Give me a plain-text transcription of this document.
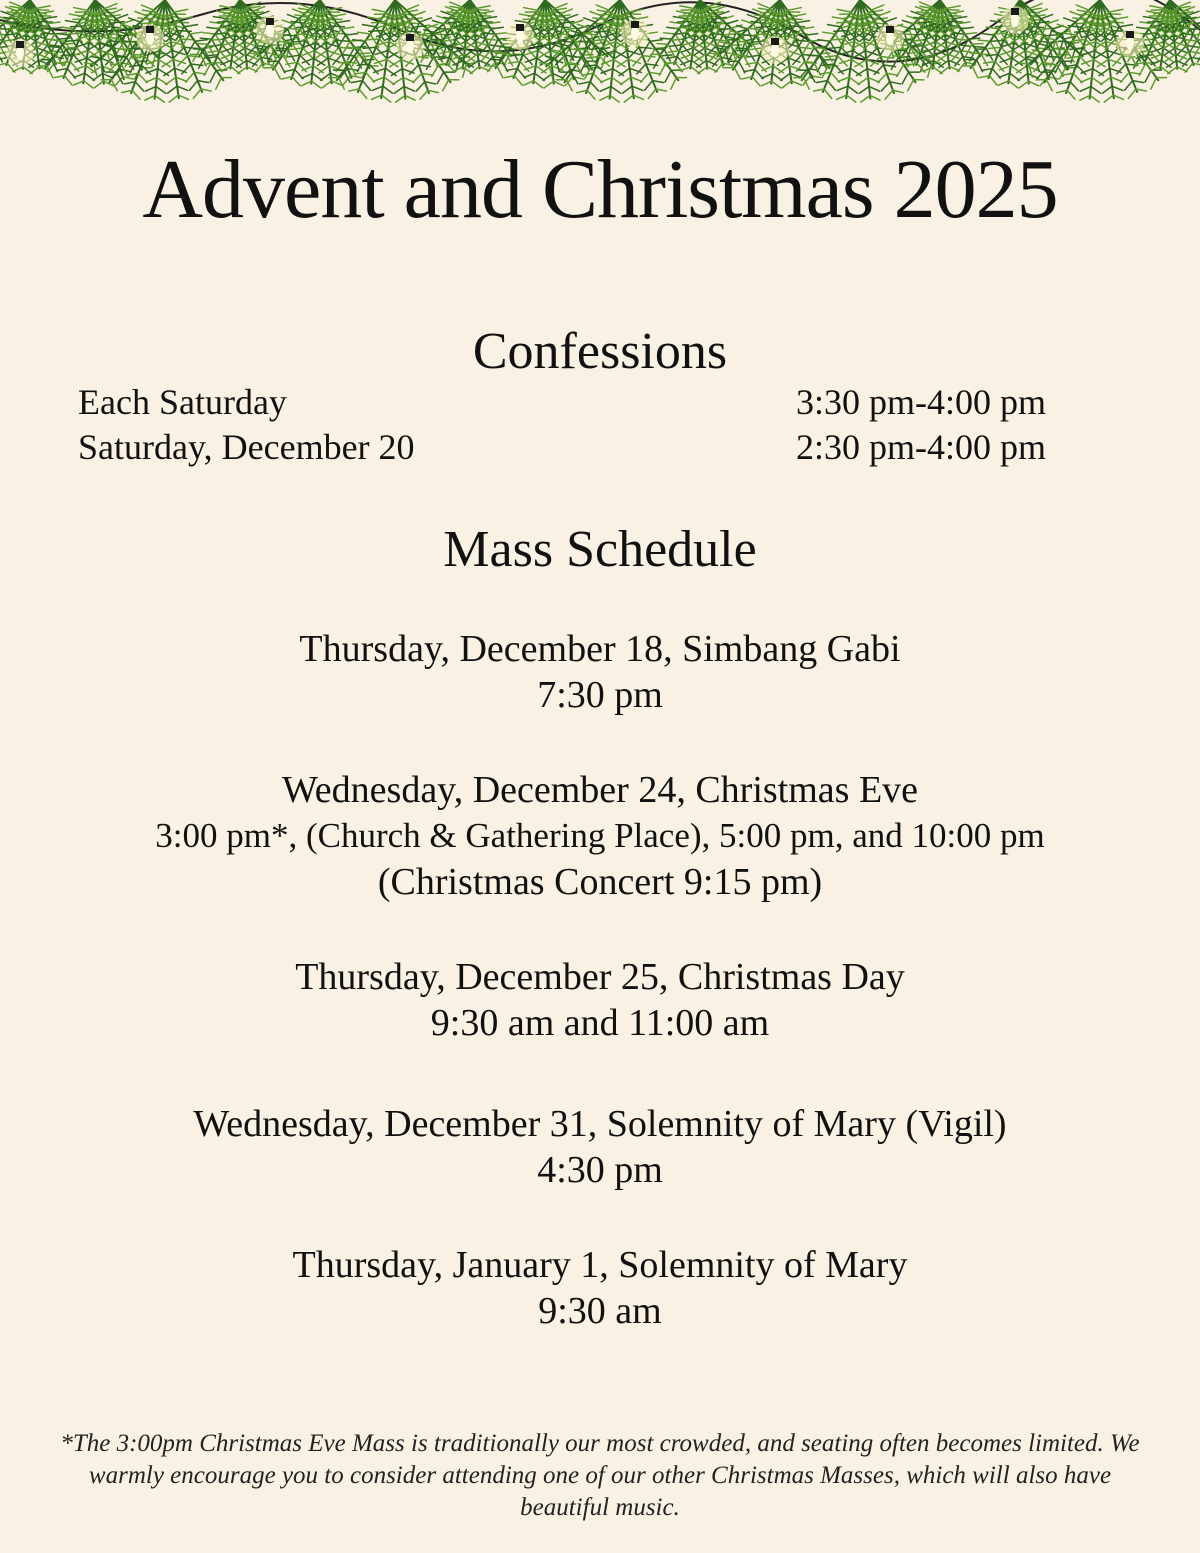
Advent and Christmas 2025
Confessions
Each Saturday	3:30 pm-4:00 pm
Saturday, December 20	2:30 pm-4:00 pm
Mass Schedule
Thursday, December 18, Simbang Gabi
7:30 pm
Wednesday, December 24, Christmas Eve
3:00 pm*, (Church & Gathering Place), 5:00 pm, and 10:00 pm
(Christmas Concert 9:15 pm)
Thursday, December 25, Christmas Day
9:30 am and 11:00 am
Wednesday, December 31, Solemnity of Mary (Vigil)
4:30 pm
Thursday, January 1, Solemnity of Mary
9:30 am
*The 3:00pm Christmas Eve Mass is traditionally our most crowded, and seating often becomes limited. We warmly encourage you to consider attending one of our other Christmas Masses, which will also have beautiful music.
